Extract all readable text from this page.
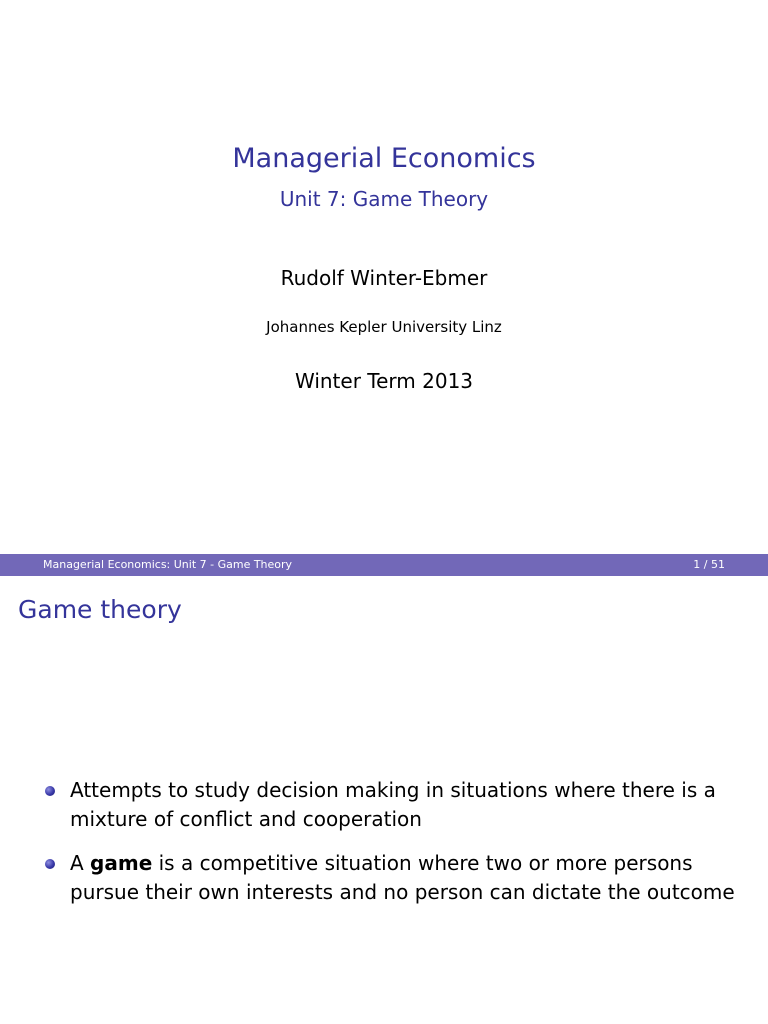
Managerial Economics
Unit 7: Game Theory
Rudolf Winter-Ebmer
Johannes Kepler University Linz
Winter Term 2013
Managerial Economics: Unit 7 - Game Theory	1 / 51
Game theory
Attempts to study decision making in situations where there is a mixture of conflict and cooperation
A game is a competitive situation where two or more persons pursue their own interests and no person can dictate the outcome
